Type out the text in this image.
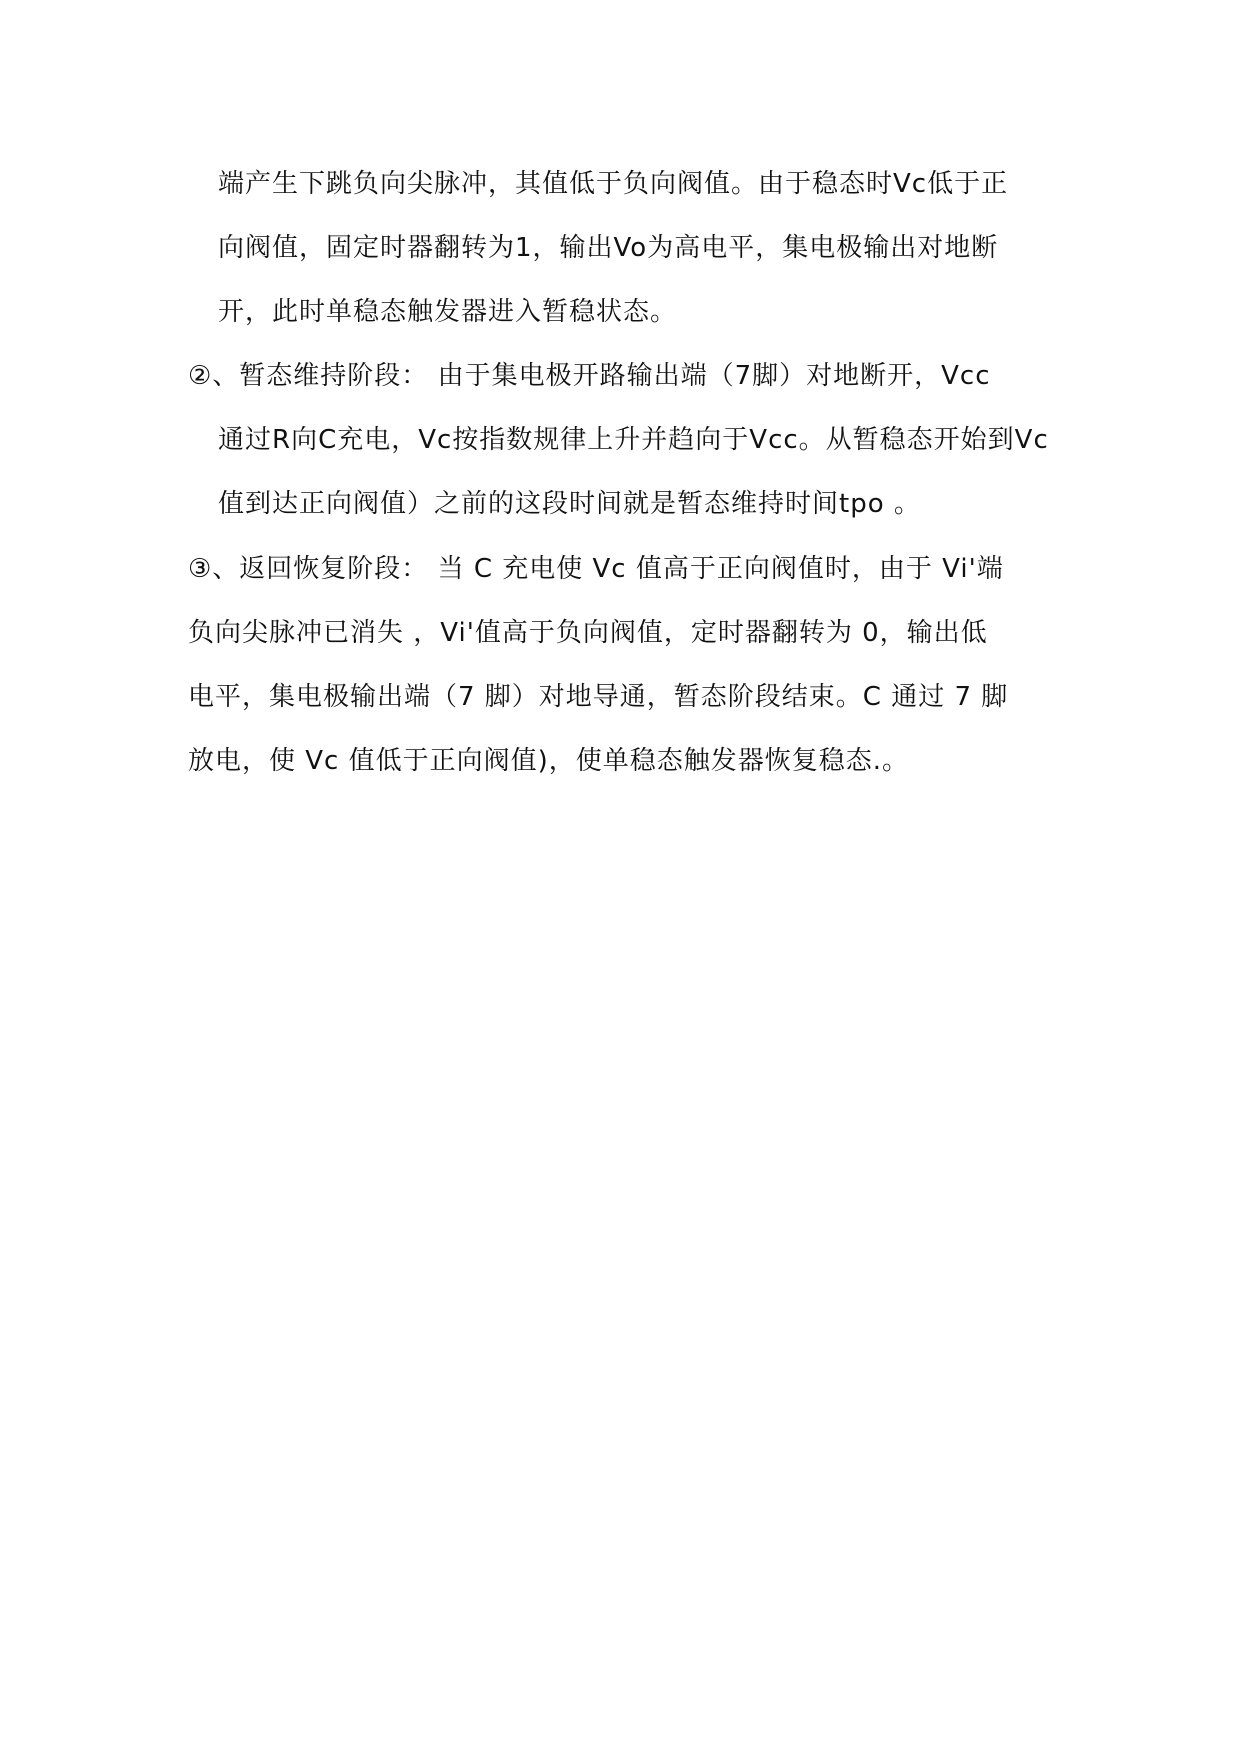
端产生下跳负向尖脉冲，其值低于负向阀值。由于稳态时Vc低于正
向阀值，固定时器翻转为1，输出Vo为高电平，集电极输出对地断
开，此时单稳态触发器进入暂稳状态。
②、暂态维持阶段： 由于集电极开路输出端（7脚）对地断开，Vcc
通过R向C充电，Vc按指数规律上升并趋向于Vcc。从暂稳态开始到Vc
值到达正向阀值）之前的这段时间就是暂态维持时间tpo 。
③、返回恢复阶段： 当 C 充电使 Vc 值高于正向阀值时，由于 Vi'端
负向尖脉冲已消失 ，Vi'值高于负向阀值，定时器翻转为 0，输出低
电平，集电极输出端（7 脚）对地导通，暂态阶段结束。C 通过 7 脚
放电，使 Vc 值低于正向阀值)，使单稳态触发器恢复稳态.。
